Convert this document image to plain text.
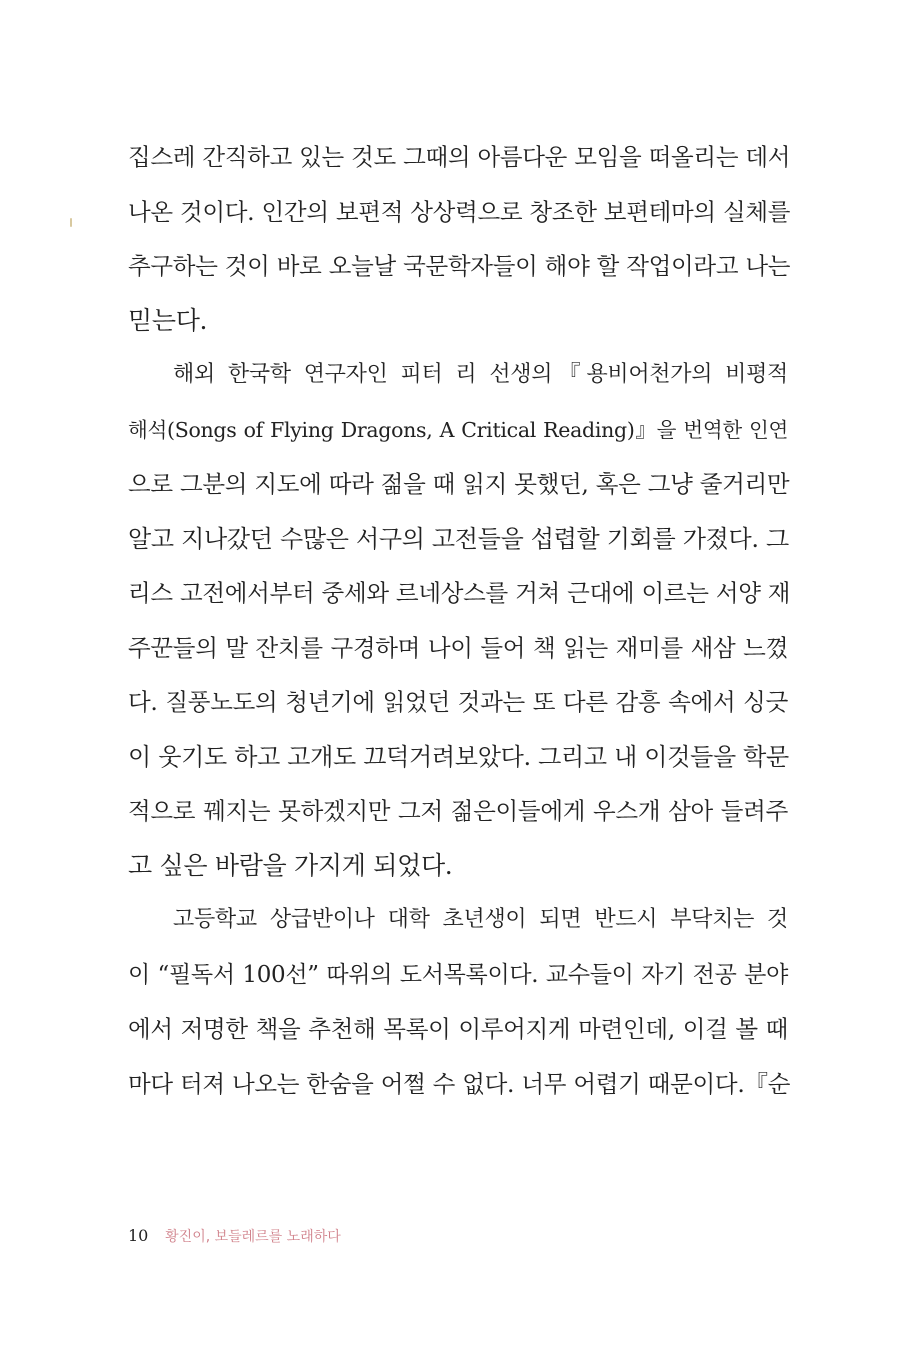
집스레 간직하고 있는 것도 그때의 아름다운 모임을 떠올리는 데서
나온 것이다. 인간의 보편적 상상력으로 창조한 보편테마의 실체를
추구하는 것이 바로 오늘날 국문학자들이 해야 할 작업이라고 나는
믿는다.
해외 한국학 연구자인 피터 리 선생의『용비어천가의 비평적
해석(Songs of Flying Dragons, A Critical Reading)』을 번역한 인연
으로 그분의 지도에 따라 젊을 때 읽지 못했던, 혹은 그냥 줄거리만
알고 지나갔던 수많은 서구의 고전들을 섭렵할 기회를 가졌다. 그
리스 고전에서부터 중세와 르네상스를 거쳐 근대에 이르는 서양 재
주꾼들의 말 잔치를 구경하며 나이 들어 책 읽는 재미를 새삼 느꼈
다. 질풍노도의 청년기에 읽었던 것과는 또 다른 감흥 속에서 싱긋
이 웃기도 하고 고개도 끄덕거려보았다. 그리고 내 이것들을 학문
적으로 꿰지는 못하겠지만 그저 젊은이들에게 우스개 삼아 들려주
고 싶은 바람을 가지게 되었다.
고등학교 상급반이나 대학 초년생이 되면 반드시 부닥치는 것
이 “필독서 100선” 따위의 도서목록이다. 교수들이 자기 전공 분야
에서 저명한 책을 추천해 목록이 이루어지게 마련인데, 이걸 볼 때
마다 터져 나오는 한숨을 어쩔 수 없다. 너무 어렵기 때문이다.『순
10 황진이, 보들레르를 노래하다
